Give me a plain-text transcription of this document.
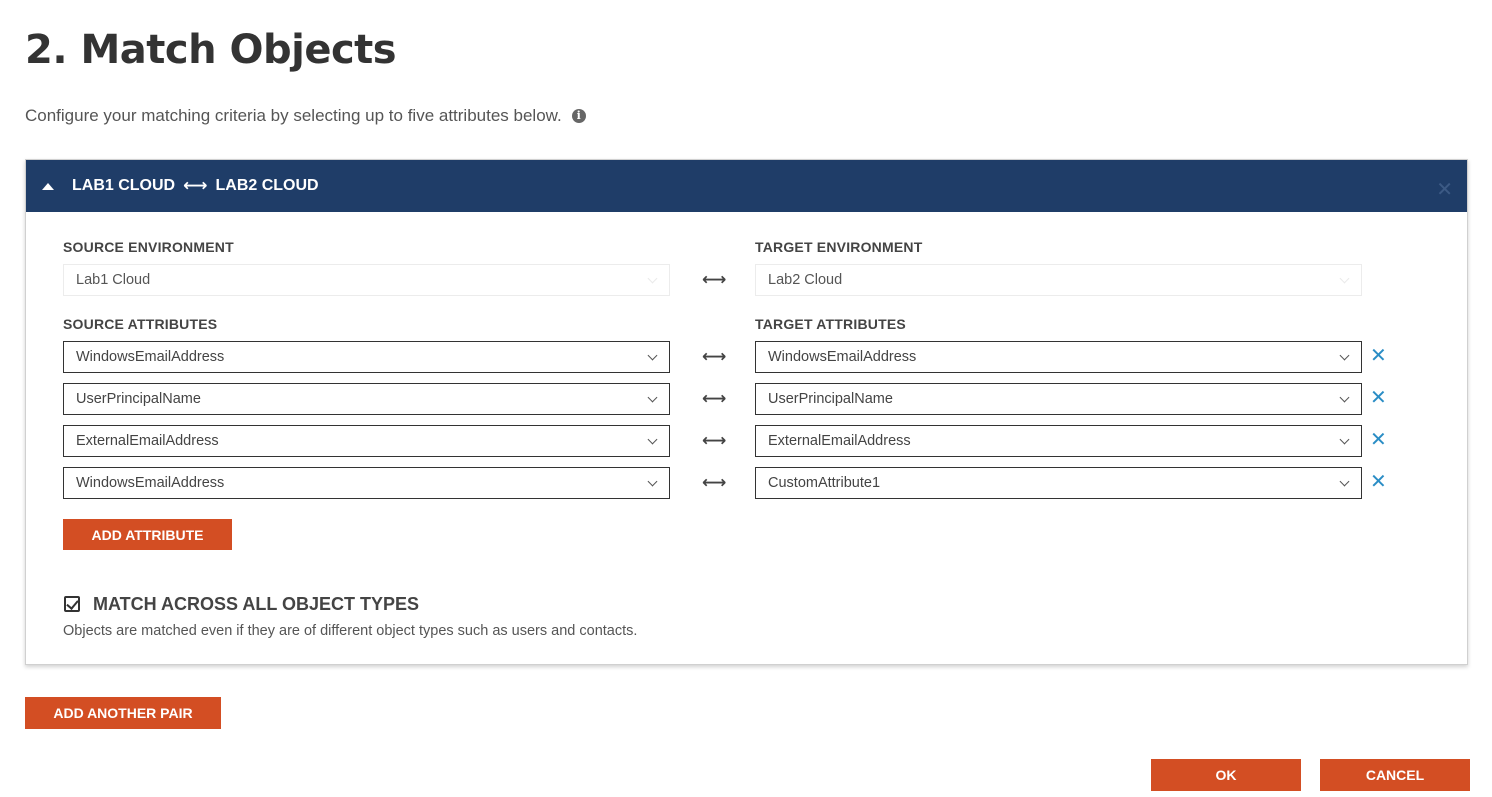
2. Match Objects
Configure your matching criteria by selecting up to five attributes below.	i
LAB1 CLOUD ⟷ LAB2 CLOUD	✕
SOURCE ENVIRONMENT	TARGET ENVIRONMENT
Lab1 Cloud	⟷	Lab2 Cloud
SOURCE ATTRIBUTES	TARGET ATTRIBUTES
WindowsEmailAddress	⟷	WindowsEmailAddress	✕
UserPrincipalName	⟷	UserPrincipalName	✕
ExternalEmailAddress	⟷	ExternalEmailAddress	✕
WindowsEmailAddress	⟷	CustomAttribute1	✕
ADD ATTRIBUTE
MATCH ACROSS ALL OBJECT TYPES
Objects are matched even if they are of different object types such as users and contacts.
ADD ANOTHER PAIR
OK	CANCEL
